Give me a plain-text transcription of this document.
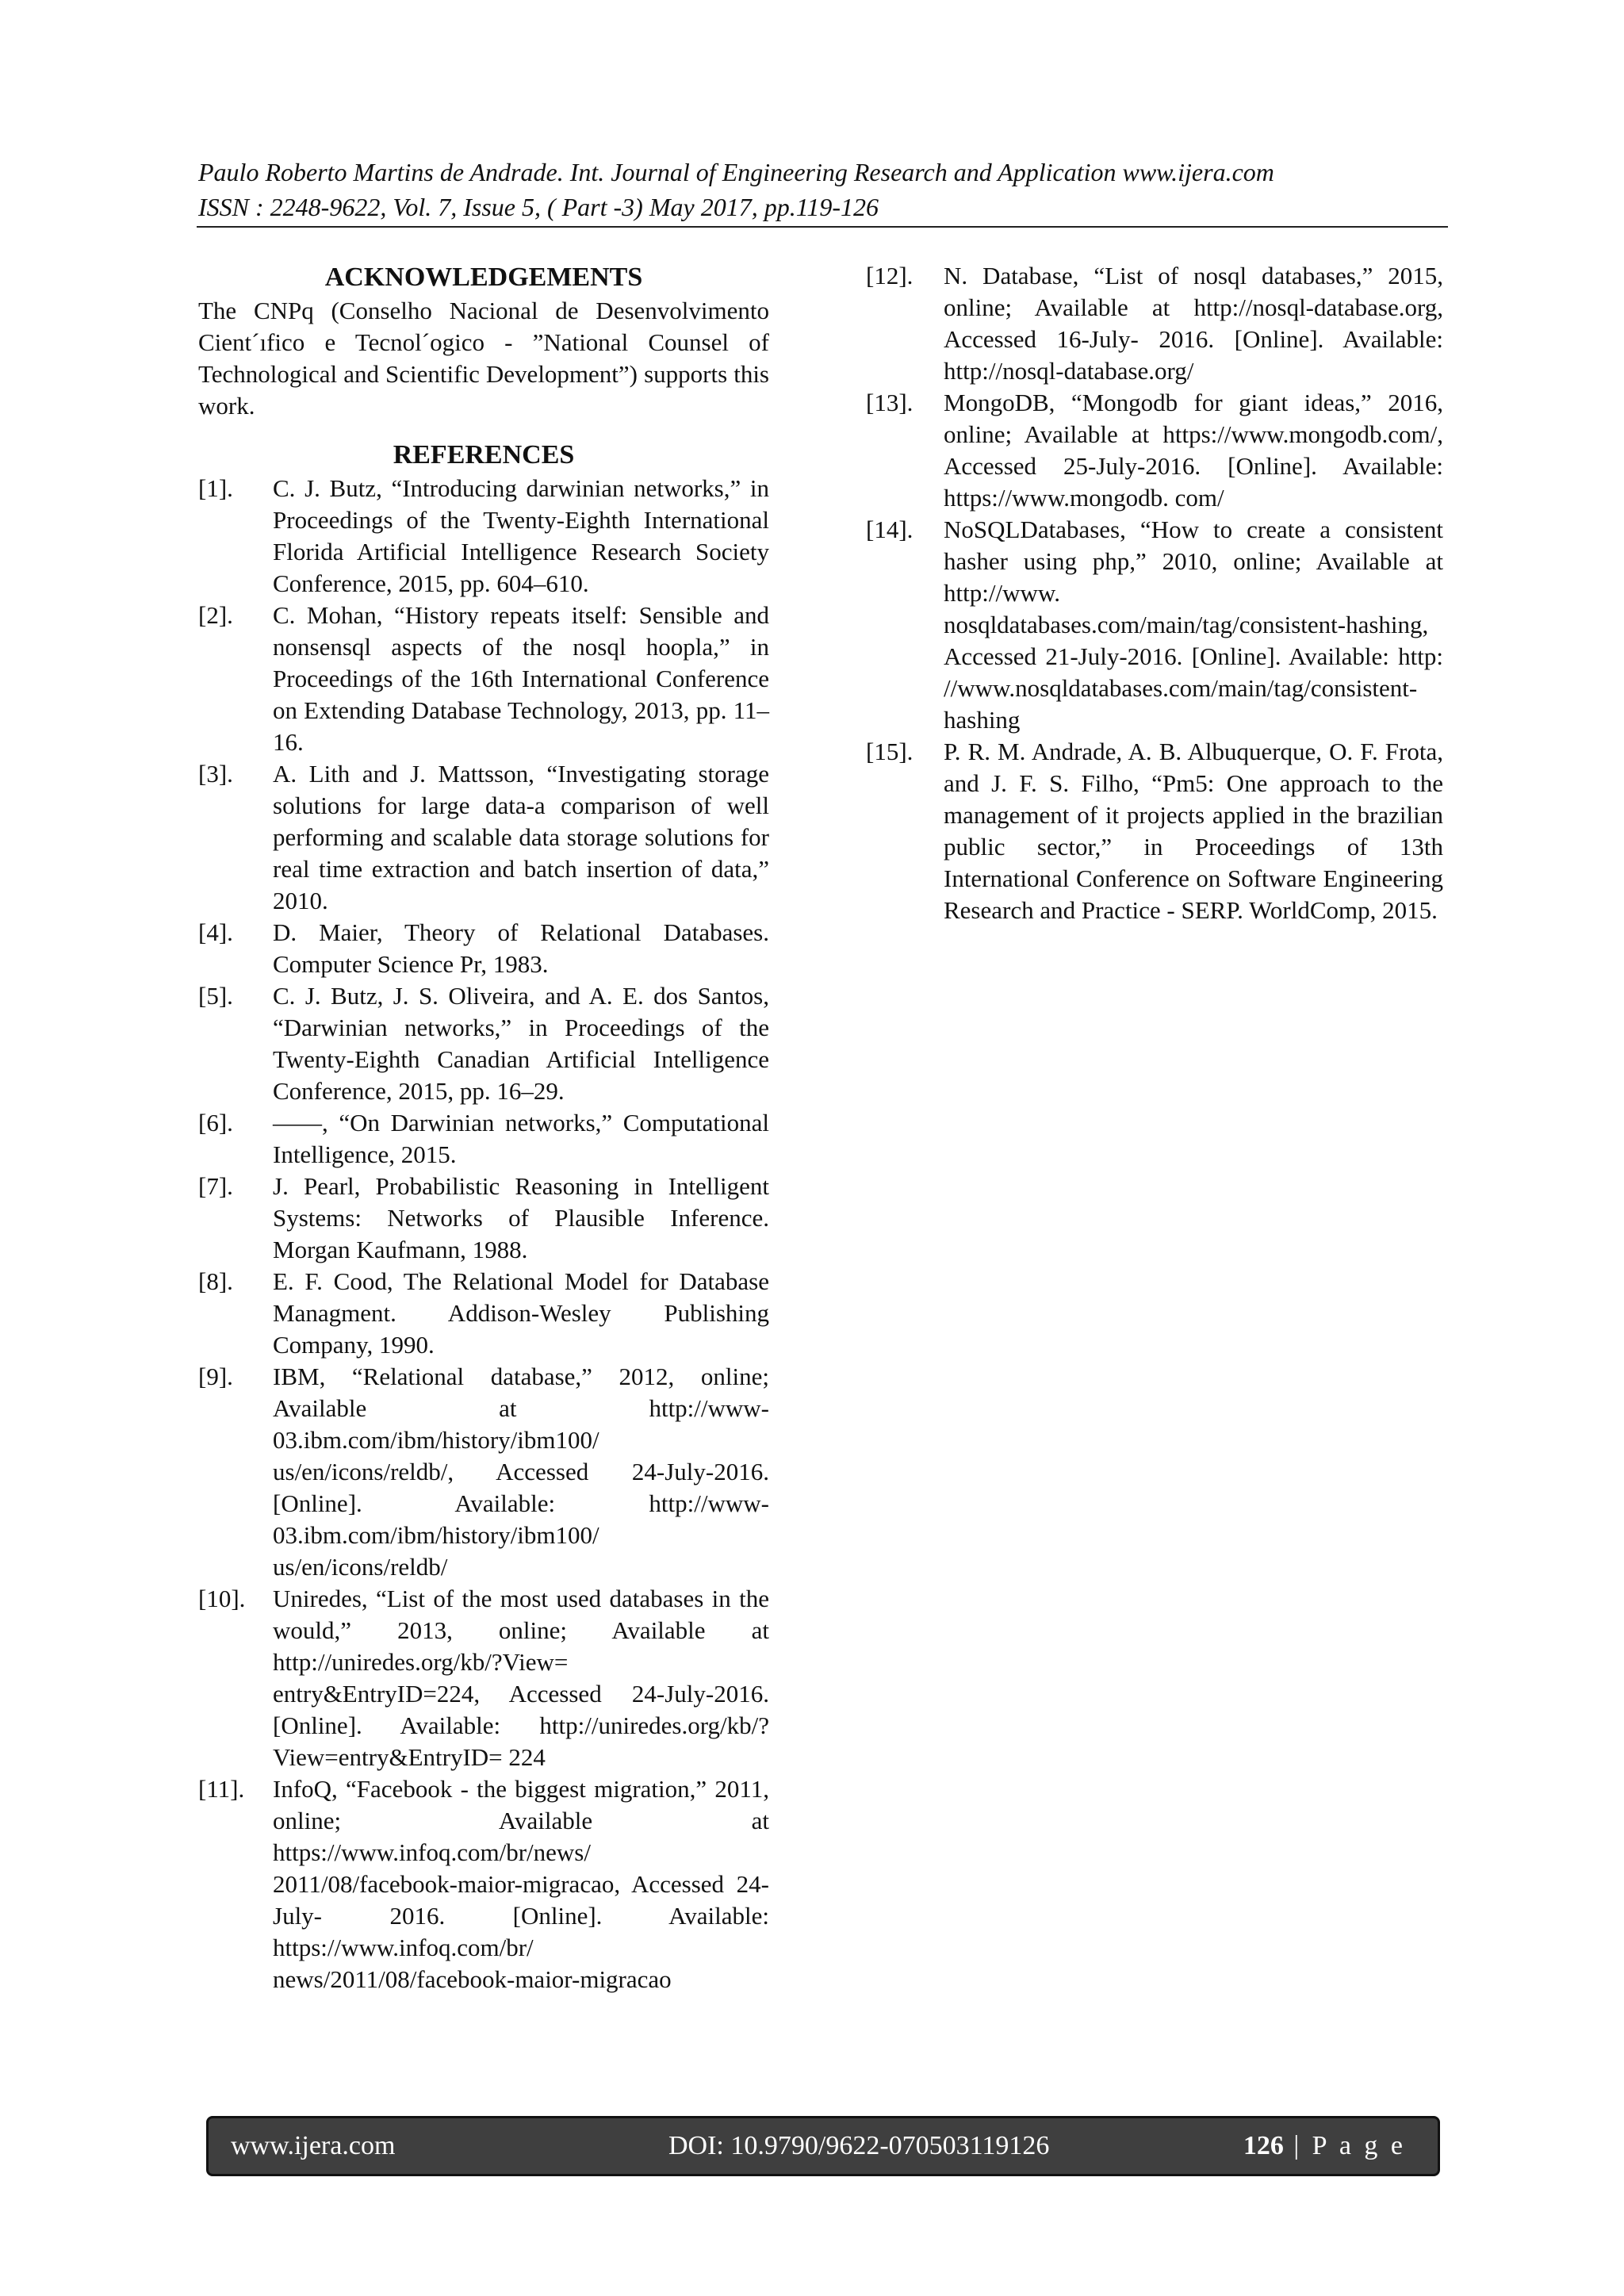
Paulo Roberto Martins de Andrade. Int. Journal of Engineering Research and Application www.ijera.com
ISSN : 2248-9622, Vol. 7, Issue 5, ( Part -3) May 2017, pp.119-126
ACKNOWLEDGEMENTS

The CNPq (Conselho Nacional de Desenvolvimento Cient´ıfico e Tecnol´ogico - ”National Counsel of Technological and Scientific Development”) supports this work.

REFERENCES
[1].	C. J. Butz, “Introducing darwinian networks,” in Proceedings of the Twenty-Eighth International Florida Artificial Intelligence Research Society Conference, 2015, pp. 604–610.
[2].	C. Mohan, “History repeats itself: Sensible and nonsensql aspects of the nosql hoopla,” in Proceedings of the 16th International Conference on Extending Database Technology, 2013, pp. 11–16.
[3].	A. Lith and J. Mattsson, “Investigating storage solutions for large data-a comparison of well performing and scalable data storage solutions for real time extraction and batch insertion of data,” 2010.
[4].	D. Maier, Theory of Relational Databases. Computer Science Pr, 1983.
[5].	C. J. Butz, J. S. Oliveira, and A. E. dos Santos, “Darwinian networks,” in Proceedings of the Twenty-Eighth Canadian Artificial Intelligence Conference, 2015, pp. 16–29.
[6].	——, “On Darwinian networks,” Computational Intelligence, 2015.
[7].	J. Pearl, Probabilistic Reasoning in Intelligent Systems: Networks of Plausible Inference. Morgan Kaufmann, 1988.
[8].	E. F. Cood, The Relational Model for Database Managment. Addison-Wesley Publishing Company, 1990.
[9].	IBM, “Relational database,” 2012, online; Available at http://www-03.ibm.com/ibm/history/ibm100/ us/en/icons/reldb/, Accessed 24-July-2016. [Online]. Available: http://www-03.ibm.com/ibm/history/ibm100/ us/en/icons/reldb/
[10].	Uniredes, “List of the most used databases in the would,” 2013, online; Available at http://uniredes.org/kb/?View= entry&EntryID=224, Accessed 24-July-2016. [Online]. Available: http://uniredes.org/kb/?View=entry&EntryID= 224
[11].	InfoQ, “Facebook - the biggest migration,” 2011, online; Available at https://www.infoq.com/br/news/ 2011/08/facebook-maior-migracao, Accessed 24-July- 2016. [Online]. Available: https://www.infoq.com/br/ news/2011/08/facebook-maior-migracao
[12].	N. Database, “List of nosql databases,” 2015, online; Available at http://nosql-database.org, Accessed 16-July- 2016. [Online]. Available: http://nosql-database.org/
[13].	MongoDB, “Mongodb for giant ideas,” 2016, online; Available at https://www.mongodb.com/, Accessed 25-July-2016. [Online]. Available: https://www.mongodb. com/
[14].	NoSQLDatabases, “How to create a consistent hasher using php,” 2010, online; Available at http://www. nosqldatabases.com/main/tag/consistent-hashing, Accessed 21-July-2016. [Online]. Available: http: //www.nosqldatabases.com/main/tag/consistent-hashing
[15].	P. R. M. Andrade, A. B. Albuquerque, O. F. Frota, and J. F. S. Filho, “Pm5: One approach to the management of it projects applied in the brazilian public sector,” in Proceedings of 13th International Conference on Software Engineering Research and Practice - SERP. WorldComp, 2015.
www.ijera.com	DOI: 10.9790/9622-070503119126	126 | P a g e
